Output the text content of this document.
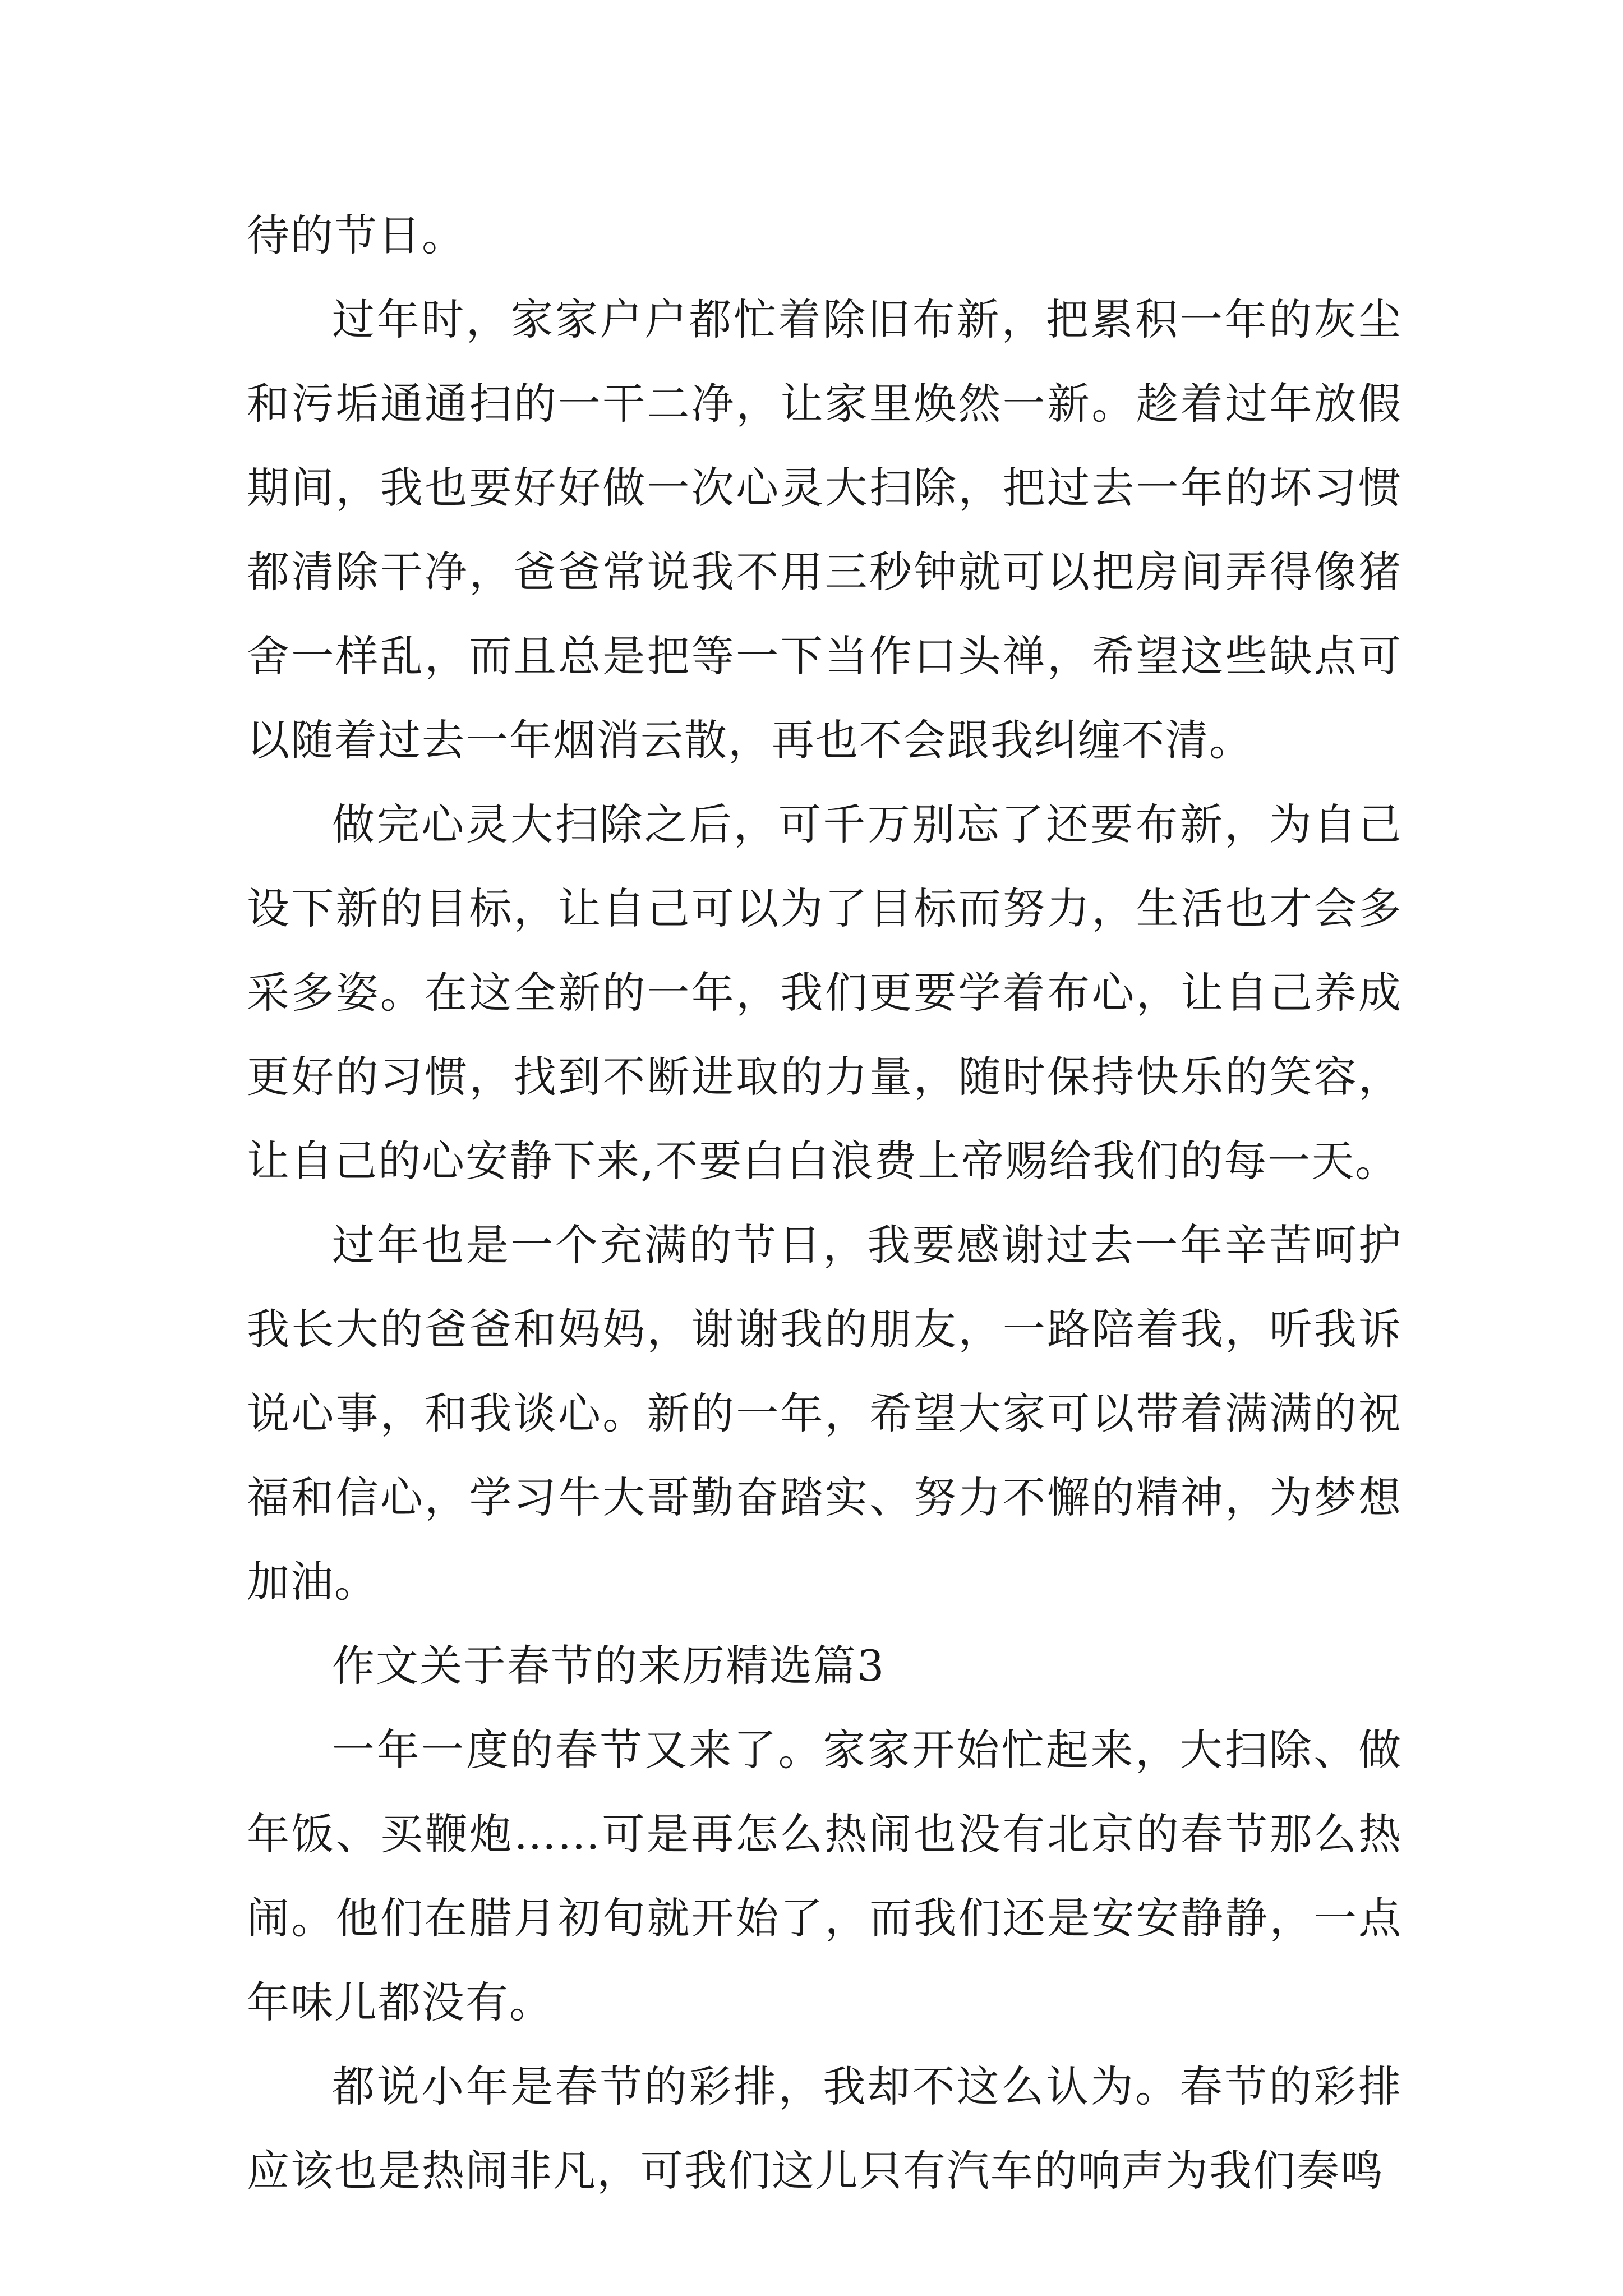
待的节日。

过年时，家家户户都忙着除旧布新，把累积一年的灰尘和污垢通通扫的一干二净，让家里焕然一新。趁着过年放假期间，我也要好好做一次心灵大扫除，把过去一年的坏习惯都清除干净，爸爸常说我不用三秒钟就可以把房间弄得像猪舍一样乱，而且总是把等一下当作口头禅，希望这些缺点可以随着过去一年烟消云散，再也不会跟我纠缠不清。

做完心灵大扫除之后，可千万别忘了还要布新，为自己设下新的目标，让自己可以为了目标而努力，生活也才会多采多姿。在这全新的一年，我们更要学着布心，让自己养成更好的习惯，找到不断进取的力量，随时保持快乐的笑容，让自己的心安静下来,不要白白浪费上帝赐给我们的每一天。

过年也是一个充满的节日，我要感谢过去一年辛苦呵护我长大的爸爸和妈妈，谢谢我的朋友，一路陪着我，听我诉说心事，和我谈心。新的一年，希望大家可以带着满满的祝福和信心，学习牛大哥勤奋踏实、努力不懈的精神，为梦想加油。

作文关于春节的来历精选篇3

一年一度的春节又来了。家家开始忙起来，大扫除、做年饭、买鞭炮……可是再怎么热闹也没有北京的春节那么热闹。他们在腊月初旬就开始了，而我们还是安安静静，一点年味儿都没有。

都说小年是春节的彩排，我却不这么认为。春节的彩排应该也是热闹非凡，可我们这儿只有汽车的响声为我们奏鸣
